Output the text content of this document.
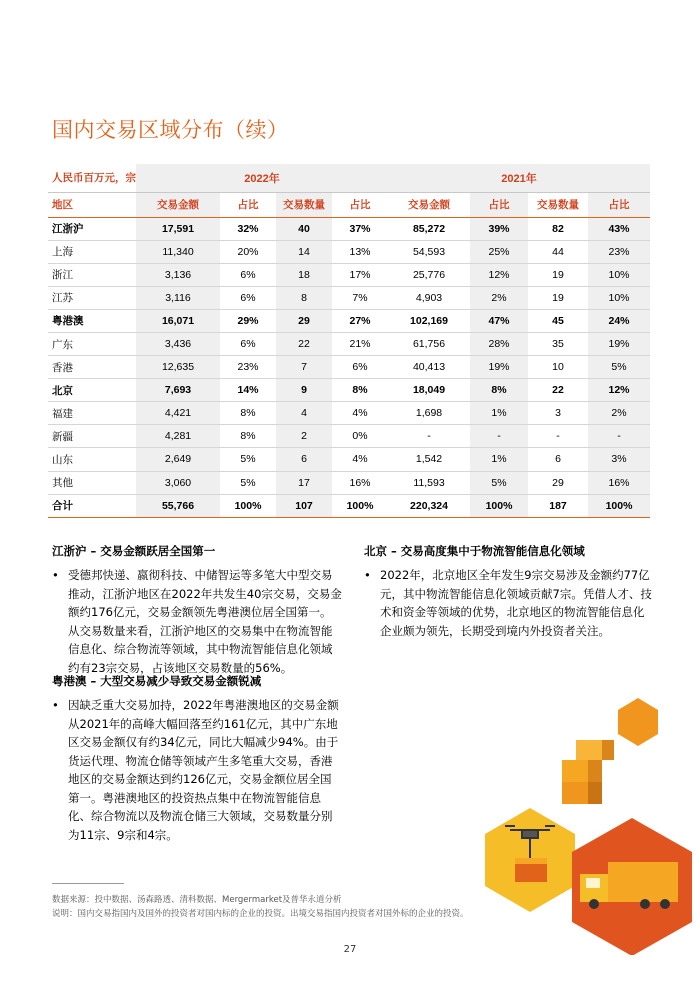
国内交易区域分布（续）
人民币百万元，宗	2022年				2021年			
地区	交易金额	占比	交易数量	占比	交易金额	占比	交易数量	占比
江浙沪	17,591	32%	40	37%	85,272	39%	82	43%
上海	11,340	20%	14	13%	54,593	25%	44	23%
浙江	3,136	6%	18	17%	25,776	12%	19	10%
江苏	3,116	6%	8	7%	4,903	2%	19	10%
粤港澳	16,071	29%	29	27%	102,169	47%	45	24%
广东	3,436	6%	22	21%	61,756	28%	35	19%
香港	12,635	23%	7	6%	40,413	19%	10	5%
北京	7,693	14%	9	8%	18,049	8%	22	12%
福建	4,421	8%	4	4%	1,698	1%	3	2%
新疆	4,281	8%	2	0%	-	-	-	-
山东	2,649	5%	6	4%	1,542	1%	6	3%
其他	3,060	5%	17	16%	11,593	5%	29	16%
合计	55,766	100%	107	100%	220,324	100%	187	100%
江浙沪 – 交易金额跃居全国第一
• 受德邦快递、嬴彻科技、中储智运等多笔大中型交易推动，江浙沪地区在2022年共发生40宗交易，交易金额约176亿元，交易金额领先粤港澳位居全国第一。从交易数量来看，江浙沪地区的交易集中在物流智能信息化、综合物流等领域，其中物流智能信息化领域约有23宗交易，占该地区交易数量的56%。

粤港澳 – 大型交易减少导致交易金额锐减
• 因缺乏重大交易加持，2022年粤港澳地区的交易金额从2021年的高峰大幅回落至约161亿元，其中广东地区交易金额仅有约34亿元，同比大幅减少94%。由于货运代理、物流仓储等领域产生多笔重大交易，香港地区的交易金额达到约126亿元，交易金额位居全国第一。粤港澳地区的投资热点集中在物流智能信息化、综合物流以及物流仓储三大领域，交易数量分别为11宗、9宗和4宗。

北京 – 交易高度集中于物流智能信息化领域
• 2022年，北京地区全年发生9宗交易涉及金额约77亿元，其中物流智能信息化领域贡献7宗。凭借人才、技术和资金等领域的优势，北京地区的物流智能信息化企业颇为领先，长期受到境内外投资者关注。

数据来源：投中数据、汤森路透、清科数据、Mergermarket及普华永道分析
说明：国内交易指国内及国外的投资者对国内标的企业的投资。出境交易指国内投资者对国外标的企业的投资。
27
